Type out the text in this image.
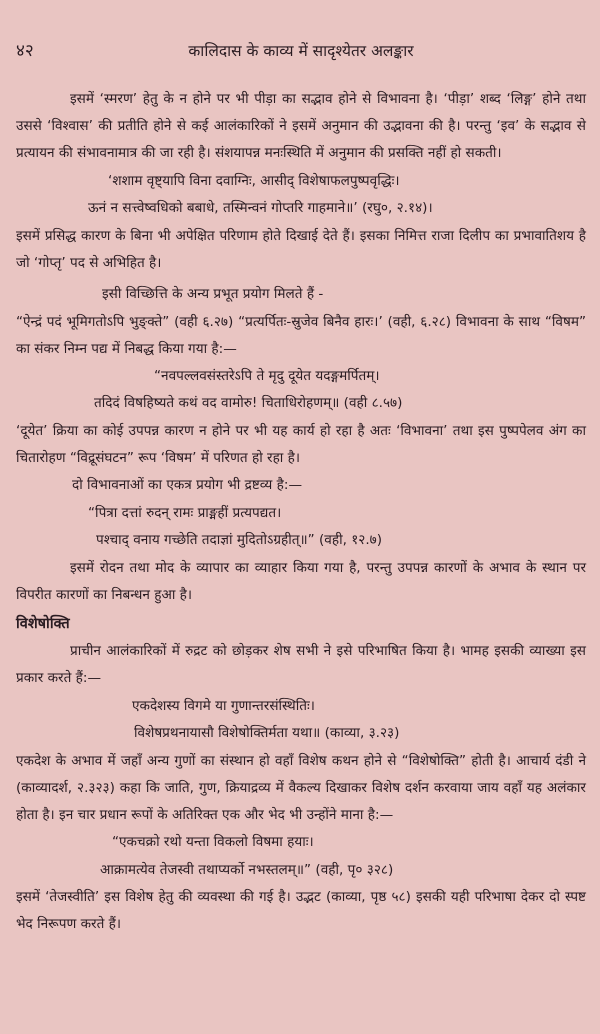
४२	कालिदास के काव्य में सादृश्येतर अलङ्कार

इसमें ‘स्मरण’ हेतु के न होने पर भी पीड़ा का सद्भाव होने से विभावना है। ‘पीड़ा’ शब्द ‘लिङ्ग’ होने तथा उससे ‘विश्वास’ की प्रतीति होने से कई आलंकारिकों ने इसमें अनुमान की उद्भावना की है। परन्तु ‘इव’ के सद्भाव से प्रत्यायन की संभावनामात्र की जा रही है। संशयापन्न मनःस्थिति में अनुमान की प्रसक्ति नहीं हो सकती।

‘शशाम वृष्ट्यापि विना दवाग्निः, आसीद् विशेषाफलपुष्पवृद्धिः।

ऊनं न सत्त्वेष्वधिको बबाधे, तस्मिन्वनं गोप्तरि गाहमाने॥’ (रघु०, २.१४)।

इसमें प्रसिद्ध कारण के बिना भी अपेक्षित परिणाम होते दिखाई देते हैं। इसका निमित्त राजा दिलीप का प्रभावातिशय है जो ‘गोप्तृ’ पद से अभिहित है।

इसी विच्छित्ति के अन्य प्रभूत प्रयोग मिलते हैं -

“ऐन्द्रं पदं भूमिगतोऽपि भुङ्क्ते” (वही ६.२७) “प्रत्यर्पितः-स्रुजेव बिनैव हारः।’ (वही, ६.२८) विभावना के साथ “विषम” का संकर निम्न पद्य में निबद्ध किया गया है:—

“नवपल्लवसंस्तरेऽपि ते मृदु दूयेत यदङ्गमर्पितम्।

तदिदं विषहिष्यते कथं वद वामोरु! चिताधिरोहणम्॥ (वही ८.५७)

‘दूयेत’ क्रिया का कोई उपपन्न कारण न होने पर भी यह कार्य हो रहा है अतः ‘विभावना’ तथा इस पुष्पपेलव अंग का चितारोहण “विद्रूसंघटन” रूप ‘विषम’ में परिणत हो रहा है।

दो विभावनाओं का एकत्र प्रयोग भी द्रष्टव्य है:—

“पित्रा दत्तां रुदन् रामः प्राङ्महीं प्रत्यपद्यत।

पश्चाद् वनाय गच्छेति तदाज्ञां मुदितोऽग्रहीत्॥” (वही, १२.७)

इसमें रोदन तथा मोद के व्यापार का व्याहार किया गया है, परन्तु उपपन्न कारणों के अभाव के स्थान पर विपरीत कारणों का निबन्धन हुआ है।

विशेषोक्ति

प्राचीन आलंकारिकों में रुद्रट को छोड़कर शेष सभी ने इसे परिभाषित किया है। भामह इसकी व्याख्या इस प्रकार करते हैं:—

एकदेशस्य विगमे या गुणान्तरसंस्थितिः।

विशेषप्रथनायासौ विशेषोक्तिर्मता यथा॥ (काव्या, ३.२३)

एकदेश के अभाव में जहाँ अन्य गुणों का संस्थान हो वहाँ विशेष कथन होने से “विशेषोक्ति” होती है। आचार्य दंडी ने (काव्यादर्श, २.३२३) कहा कि जाति, गुण, क्रियाद्रव्य में वैकल्य दिखाकर विशेष दर्शन करवाया जाय वहाँ यह अलंकार होता है। इन चार प्रधान रूपों के अतिरिक्त एक और भेद भी उन्होंने माना है:—

“एकचक्रो रथो यन्ता विकलो विषमा हयाः।

आक्रामत्येव तेजस्वी तथाप्यर्को नभस्तलम्॥” (वही, पृ० ३२८)

इसमें ‘तेजस्वीति’ इस विशेष हेतु की व्यवस्था की गई है। उद्भट (काव्या, पृष्ठ ५८) इसकी यही परिभाषा देकर दो स्पष्ट भेद निरूपण करते हैं।
